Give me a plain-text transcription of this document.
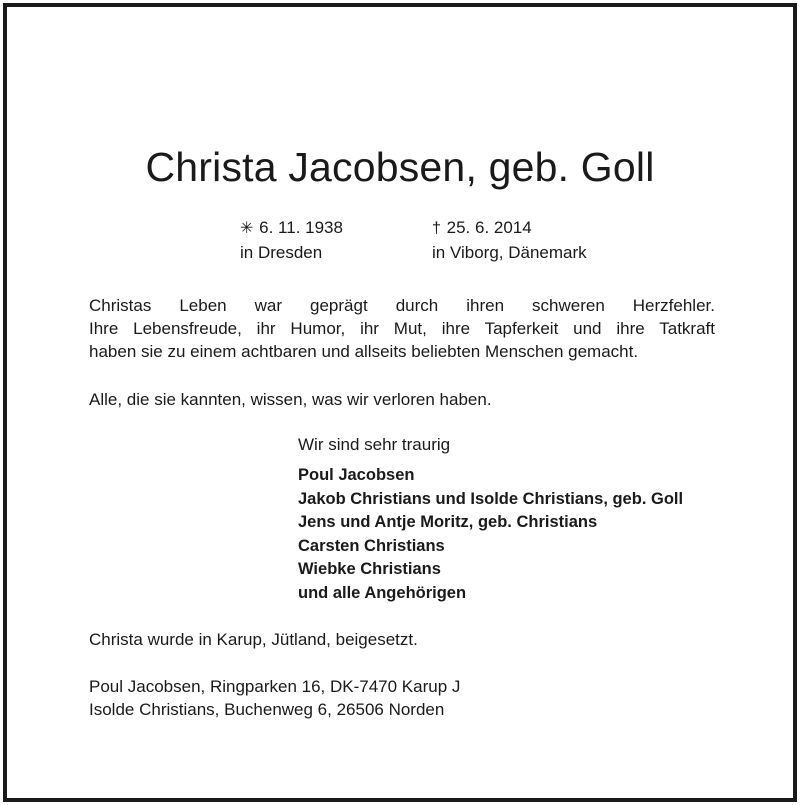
Christa Jacobsen, geb. Goll
✳ 6. 11. 1938
in Dresden
† 25. 6. 2014
in Viborg, Dänemark
Christas Leben war geprägt durch ihren schweren Herzfehler.
Ihre Lebensfreude, ihr Humor, ihr Mut, ihre Tapferkeit und ihre Tatkraft
haben sie zu einem achtbaren und allseits beliebten Menschen gemacht.
Alle, die sie kannten, wissen, was wir verloren haben.
Wir sind sehr traurig
Poul Jacobsen
Jakob Christians und Isolde Christians, geb. Goll
Jens und Antje Moritz, geb. Christians
Carsten Christians
Wiebke Christians
und alle Angehörigen
Christa wurde in Karup, Jütland, beigesetzt.
Poul Jacobsen, Ringparken 16, DK-7470 Karup J
Isolde Christians, Buchenweg 6, 26506 Norden
